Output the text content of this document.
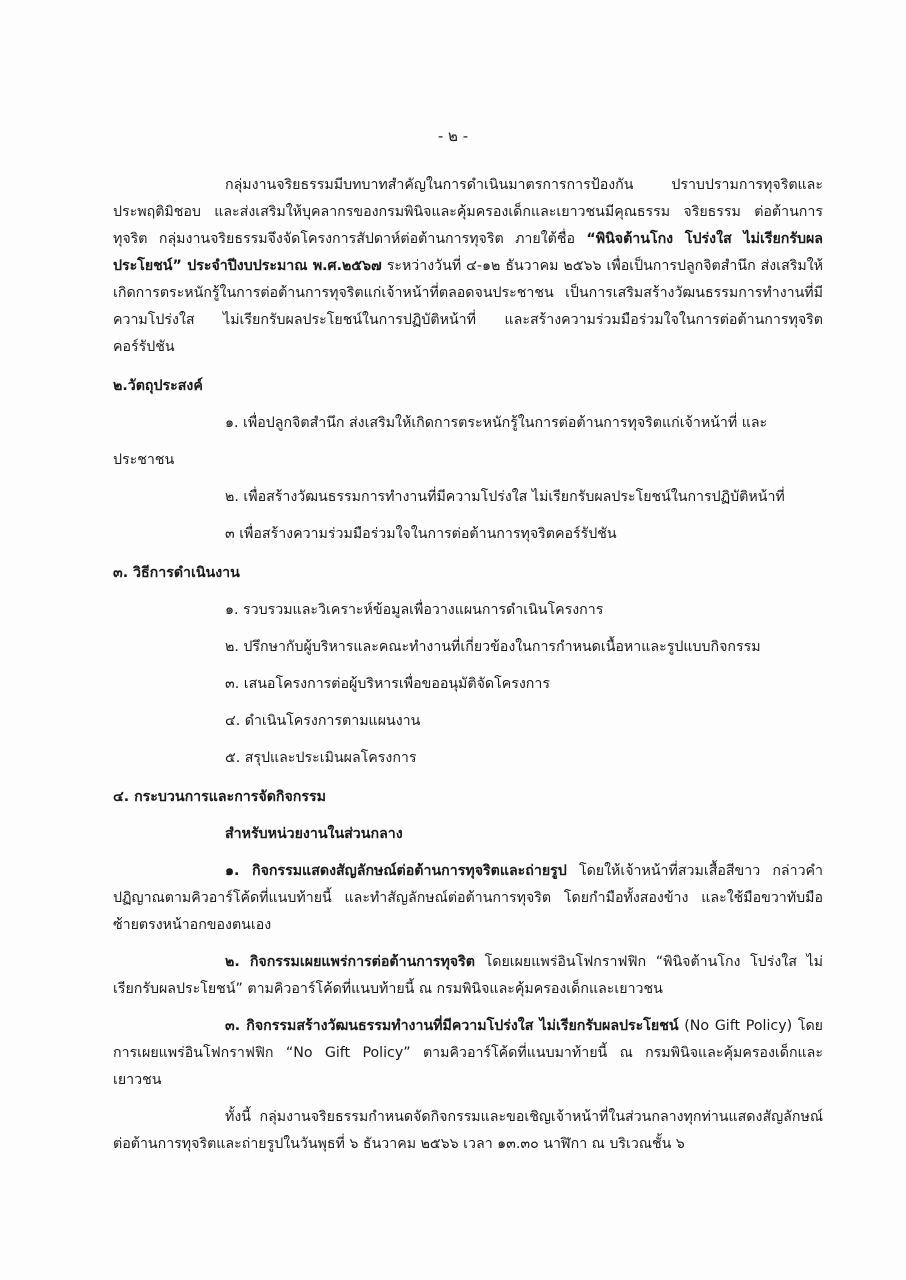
- ๒ -

กลุ่มงานจริยธรรมมีบทบาทสำคัญในการดำเนินมาตรการการป้องกัน ปราบปรามการทุจริตและประพฤติมิชอบ และส่งเสริมให้บุคลากรของกรมพินิจและคุ้มครองเด็กและเยาวชนมีคุณธรรม จริยธรรม ต่อต้านการทุจริต กลุ่มงานจริยธรรมจึงจัดโครงการสัปดาห์ต่อต้านการทุจริต ภายใต้ชื่อ “พินิจต้านโกง โปร่งใส ไม่เรียกรับผลประโยชน์” ประจำปีงบประมาณ พ.ศ.๒๕๖๗ ระหว่างวันที่ ๔-๑๒ ธันวาคม ๒๕๖๖ เพื่อเป็นการปลูกจิตสำนึก ส่งเสริมให้เกิดการตระหนักรู้ในการต่อต้านการทุจริตแก่เจ้าหน้าที่ตลอดจนประชาชน เป็นการเสริมสร้างวัฒนธรรมการทำงานที่มีความโปร่งใส ไม่เรียกรับผลประโยชน์ในการปฏิบัติหน้าที่ และสร้างความร่วมมือร่วมใจในการต่อต้านการทุจริตคอร์รัปชัน

๒.วัตถุประสงค์

๑. เพื่อปลูกจิตสำนึก ส่งเสริมให้เกิดการตระหนักรู้ในการต่อต้านการทุจริตแก่เจ้าหน้าที่ และ

ประชาชน

๒. เพื่อสร้างวัฒนธรรมการทำงานที่มีความโปร่งใส ไม่เรียกรับผลประโยชน์ในการปฏิบัติหน้าที่

๓ เพื่อสร้างความร่วมมือร่วมใจในการต่อต้านการทุจริตคอร์รัปชัน

๓. วิธีการดำเนินงาน

๑. รวบรวมและวิเคราะห์ข้อมูลเพื่อวางแผนการดำเนินโครงการ

๒. ปรึกษากับผู้บริหารและคณะทำงานที่เกี่ยวข้องในการกำหนดเนื้อหาและรูปแบบกิจกรรม

๓. เสนอโครงการต่อผู้บริหารเพื่อขออนุมัติจัดโครงการ

๔. ดำเนินโครงการตามแผนงาน

๕. สรุปและประเมินผลโครงการ

๔. กระบวนการและการจัดกิจกรรม

สำหรับหน่วยงานในส่วนกลาง

๑. กิจกรรมแสดงสัญลักษณ์ต่อต้านการทุจริตและถ่ายรูป โดยให้เจ้าหน้าที่สวมเสื้อสีขาว กล่าวคำปฏิญาณตามคิวอาร์โค้ดที่แนบท้ายนี้ และทำสัญลักษณ์ต่อต้านการทุจริต โดยกำมือทั้งสองข้าง และใช้มือขวาทับมือซ้ายตรงหน้าอกของตนเอง

๒. กิจกรรมเผยแพร่การต่อต้านการทุจริต โดยเผยแพร่อินโฟกราฟฟิก “พินิจต้านโกง โปร่งใส ไม่เรียกรับผลประโยชน์” ตามคิวอาร์โค้ดที่แนบท้ายนี้ ณ กรมพินิจและคุ้มครองเด็กและเยาวชน

๓. กิจกรรมสร้างวัฒนธรรมทำงานที่มีความโปร่งใส ไม่เรียกรับผลประโยชน์ (No Gift Policy) โดยการเผยแพร่อินโฟกราฟฟิก “No Gift Policy” ตามคิวอาร์โค้ดที่แนบมาท้ายนี้ ณ กรมพินิจและคุ้มครองเด็กและเยาวชน

ทั้งนี้ กลุ่มงานจริยธรรมกำหนดจัดกิจกรรมและขอเชิญเจ้าหน้าที่ในส่วนกลางทุกท่านแสดงสัญลักษณ์ต่อต้านการทุจริตและถ่ายรูปในวันพุธที่ ๖ ธันวาคม ๒๕๖๖ เวลา ๑๓.๓๐ นาฬิกา ณ บริเวณชั้น ๖
